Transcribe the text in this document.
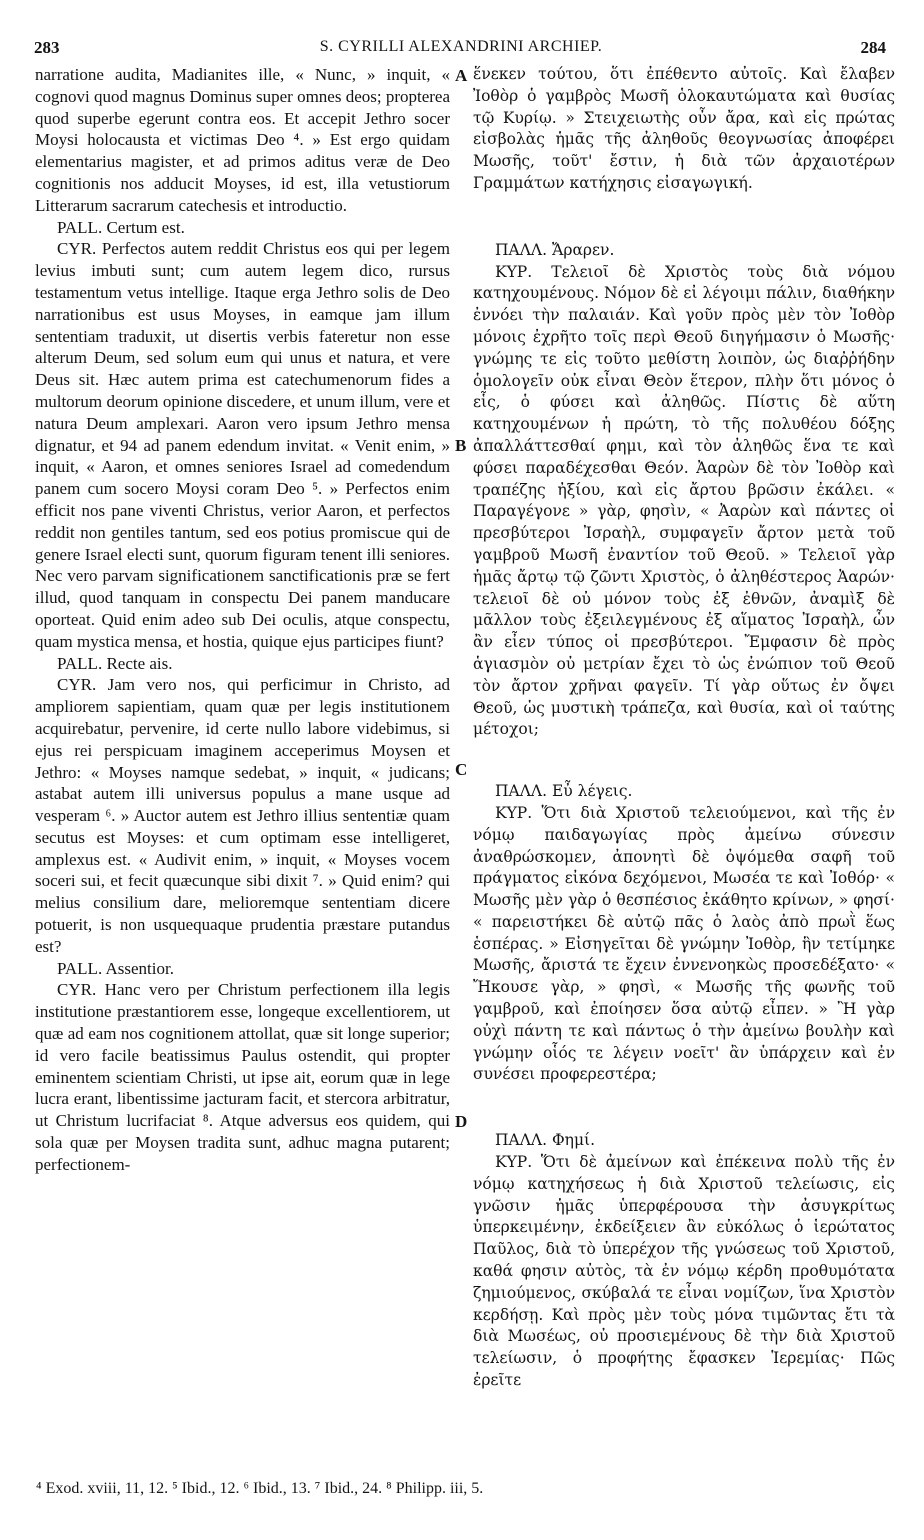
283	S. CYRILLI ALEXANDRINI ARCHIEP.	284

narratione audita, Madianites ille, « Nunc, » inquit, « cognovi quod magnus Dominus super omnes deos; propterea quod superbe egerunt contra eos. Et accepit Jethro socer Moysi holocausta et victimas Deo ⁴. » Est ergo quidam elementarius magister, et ad primos aditus veræ de Deo cognitionis nos adducit Moyses, id est, illa vetustiorum Litterarum sacrarum catechesis et introductio.

PALL. Certum est.

CYR. Perfectos autem reddit Christus eos qui per legem levius imbuti sunt; cum autem legem dico, rursus testamentum vetus intellige. Itaque erga Jethro solis de Deo narrationibus est usus Moyses, in eamque jam illum sententiam traduxit, ut disertis verbis fateretur non esse alterum Deum, sed solum eum qui unus et natura, et vere Deus sit. Hæc autem prima est catechumenorum fides a multorum deorum opinione discedere, et unum illum, vere et natura Deum amplexari. Aaron vero ipsum Jethro mensa dignatur, et 94 ad panem edendum invitat. « Venit enim, » inquit, « Aaron, et omnes seniores Israel ad comedendum panem cum socero Moysi coram Deo ⁵. » Perfectos enim efficit nos pane viventi Christus, verior Aaron, et perfectos reddit non gentiles tantum, sed eos potius promiscue qui de genere Israel electi sunt, quorum figuram tenent illi seniores. Nec vero parvam significationem sanctificationis præ se fert illud, quod tanquam in conspectu Dei panem manducare oporteat. Quid enim adeo sub Dei oculis, atque conspectu, quam mystica mensa, et hostia, quique ejus participes fiunt?

PALL. Recte ais.

CYR. Jam vero nos, qui perficimur in Christo, ad ampliorem sapientiam, quam quæ per legis institutionem acquirebatur, pervenire, id certe nullo labore videbimus, si ejus rei perspicuam imaginem acceperimus Moysen et Jethro: « Moyses namque sedebat, » inquit, « judicans; astabat autem illi universus populus a mane usque ad vesperam ⁶. » Auctor autem est Jethro illius sententiæ quam secutus est Moyses: et cum optimam esse intelligeret, amplexus est. « Audivit enim, » inquit, « Moyses vocem soceri sui, et fecit quæcunque sibi dixit ⁷. » Quid enim? qui melius consilium dare, melioremque sententiam dicere potuerit, is non usquequaque prudentia præstare putandus est?

PALL. Assentior.

CYR. Hanc vero per Christum perfectionem illa legis institutione præstantiorem esse, longeque excellentiorem, ut quæ ad eam nos cognitionem attollat, quæ sit longe superior; id vero facile beatissimus Paulus ostendit, qui propter eminentem scientiam Christi, ut ipse ait, eorum quæ in lege lucra erant, libentissime jacturam facit, et stercora arbitratur, ut Christum lucrifaciat ⁸. Atque adversus eos quidem, qui sola quæ per Moysen tradita sunt, adhuc magna putarent; perfectionem-

ἕνεκεν τούτου, ὅτι ἐπέθεντο αὐτοῖς. Καὶ ἔλαβεν Ἰοθὸρ ὁ γαμβρὸς Μωσῆ ὁλοκαυτώματα καὶ θυσίας τῷ Κυρίῳ. » Στειχειωτὴς οὖν ἄρα, καὶ εἰς πρώτας εἰσβολὰς ἡμᾶς τῆς ἀληθοῦς θεογνωσίας ἀποφέρει Μωσῆς, τοῦτ' ἔστιν, ἡ διὰ τῶν ἀρχαιοτέρων Γραμμάτων κατήχησις εἰσαγωγική.

ΠΑΛΛ. Ἄραρεν.

ΚΥΡ. Τελειοῖ δὲ Χριστὸς τοὺς διὰ νόμου κατηχουμένους. Νόμον δὲ εἰ λέγοιμι πάλιν, διαθήκην ἐννόει τὴν παλαιάν. Καὶ γοῦν πρὸς μὲν τὸν Ἰοθὸρ μόνοις ἐχρῆτο τοῖς περὶ Θεοῦ διηγήμασιν ὁ Μωσῆς· γνώμης τε εἰς τοῦτο μεθίστη λοιπὸν, ὡς διαῤῥήδην ὁμολογεῖν οὐκ εἶναι Θεὸν ἕτερον, πλὴν ὅτι μόνος ὁ εἷς, ὁ φύσει καὶ ἀληθῶς. Πίστις δὲ αὕτη κατηχουμένων ἡ πρώτη, τὸ τῆς πολυθέου δόξης ἀπαλλάττεσθαί φημι, καὶ τὸν ἀληθῶς ἕνα τε καὶ φύσει παραδέχεσθαι Θεόν. Ἀαρὼν δὲ τὸν Ἰοθὸρ καὶ τραπέζης ἠξίου, καὶ εἰς ἄρτου βρῶσιν ἐκάλει. « Παραγέγονε » γὰρ, φησὶν, « Ἀαρὼν καὶ πάντες οἱ πρεσβύτεροι Ἰσραὴλ, συμφαγεῖν ἄρτον μετὰ τοῦ γαμβροῦ Μωσῆ ἐναντίον τοῦ Θεοῦ. » Τελειοῖ γὰρ ἡμᾶς ἄρτῳ τῷ ζῶντι Χριστὸς, ὁ ἀληθέστερος Ἀαρών· τελειοῖ δὲ οὐ μόνον τοὺς ἐξ ἐθνῶν, ἀναμὶξ δὲ μᾶλλον τοὺς ἐξειλεγμένους ἐξ αἵματος Ἰσραὴλ, ὧν ἂν εἶεν τύπος οἱ πρεσβύτεροι. Ἔμφασιν δὲ πρὸς ἁγιασμὸν οὐ μετρίαν ἔχει τὸ ὡς ἐνώπιον τοῦ Θεοῦ τὸν ἄρτον χρῆναι φαγεῖν. Τί γὰρ οὕτως ἐν ὄψει Θεοῦ, ὡς μυστικὴ τράπεζα, καὶ θυσία, καὶ οἱ ταύτης μέτοχοι;

ΠΑΛΛ. Εὖ λέγεις.

ΚΥΡ. Ὅτι διὰ Χριστοῦ τελειούμενοι, καὶ τῆς ἐν νόμῳ παιδαγωγίας πρὸς ἀμείνω σύνεσιν ἀναθρώσκομεν, ἀπονητὶ δὲ ὀψόμεθα σαφῆ τοῦ πράγματος εἰκόνα δεχόμενοι, Μωσέα τε καὶ Ἰοθόρ· « Μωσῆς μὲν γὰρ ὁ θεσπέσιος ἐκάθητο κρίνων, » φησί· « παρειστήκει δὲ αὐτῷ πᾶς ὁ λαὸς ἀπὸ πρωῒ ἕως ἑσπέρας. » Εἰσηγεῖται δὲ γνώμην Ἰοθὸρ, ἣν τετίμηκε Μωσῆς, ἄριστά τε ἔχειν ἐννενοηκὼς προσεδέξατο· « Ἤκουσε γὰρ, » φησὶ, « Μωσῆς τῆς φωνῆς τοῦ γαμβροῦ, καὶ ἐποίησεν ὅσα αὐτῷ εἶπεν. » Ἢ γὰρ οὐχὶ πάντη τε καὶ πάντως ὁ τὴν ἀμείνω βουλὴν καὶ γνώμην οἷός τε λέγειν νοεῖτ' ἂν ὑπάρχειν καὶ ἐν συνέσει προφερεστέρα;

ΠΑΛΛ. Φημί.

ΚΥΡ. Ὅτι δὲ ἀμείνων καὶ ἐπέκεινα πολὺ τῆς ἐν νόμῳ κατηχήσεως ἡ διὰ Χριστοῦ τελείωσις, εἰς γνῶσιν ἡμᾶς ὑπερφέρουσα τὴν ἀσυγκρίτως ὑπερκειμένην, ἐκδείξειεν ἂν εὐκόλως ὁ ἱερώτατος Παῦλος, διὰ τὸ ὑπερέχον τῆς γνώσεως τοῦ Χριστοῦ, καθά φησιν αὐτὸς, τὰ ἐν νόμῳ κέρδη προθυμότατα ζημιούμενος, σκύβαλά τε εἶναι νομίζων, ἵνα Χριστὸν κερδήσῃ. Καὶ πρὸς μὲν τοὺς μόνα τιμῶντας ἔτι τὰ διὰ Μωσέως, οὐ προσιεμένους δὲ τὴν διὰ Χριστοῦ τελείωσιν, ὁ προφήτης ἔφασκεν Ἱερεμίας· Πῶς ἐρεῖτε

A
B
C
D
⁴ Exod. xviii, 11, 12. ⁵ Ibid., 12. ⁶ Ibid., 13. ⁷ Ibid., 24. ⁸ Philipp. iii, 5.
